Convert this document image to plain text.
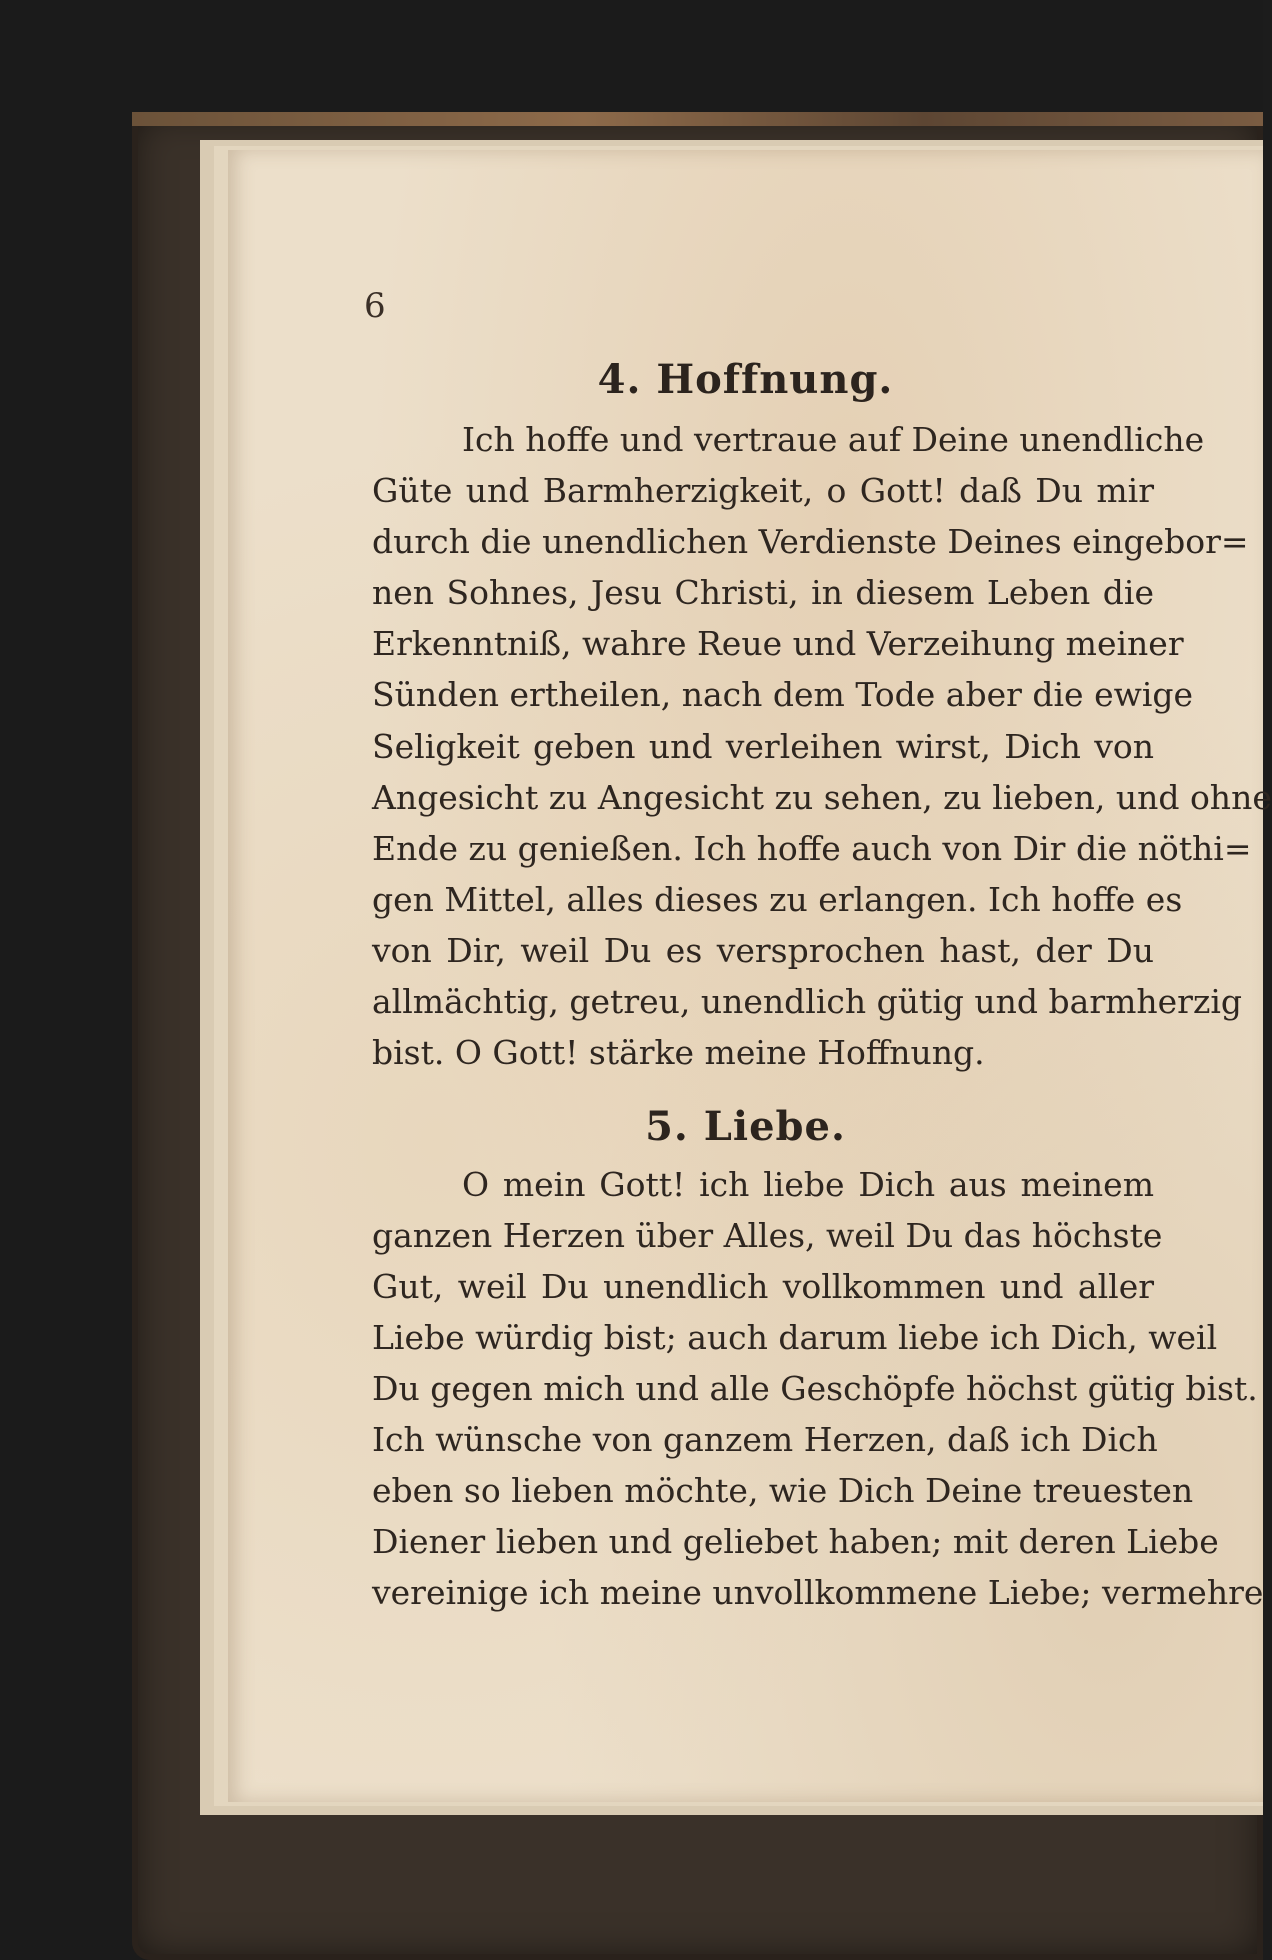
6
4. Hoffnung.
Ich hoffe und vertraue auf Deine unendliche
Güte und Barmherzigkeit, o Gott! daß Du mir
durch die unendlichen Verdienste Deines eingebor=
nen Sohnes, Jesu Christi, in diesem Leben die
Erkenntniß, wahre Reue und Verzeihung meiner
Sünden ertheilen, nach dem Tode aber die ewige
Seligkeit geben und verleihen wirst, Dich von
Angesicht zu Angesicht zu sehen, zu lieben, und ohne
Ende zu genießen. Ich hoffe auch von Dir die nöthi=
gen Mittel, alles dieses zu erlangen. Ich hoffe es
von Dir, weil Du es versprochen hast, der Du
allmächtig, getreu, unendlich gütig und barmherzig
bist. O Gott! stärke meine Hoffnung.
5. Liebe.
O mein Gott! ich liebe Dich aus meinem
ganzen Herzen über Alles, weil Du das höchste
Gut, weil Du unendlich vollkommen und aller
Liebe würdig bist; auch darum liebe ich Dich, weil
Du gegen mich und alle Geschöpfe höchst gütig bist.
Ich wünsche von ganzem Herzen, daß ich Dich
eben so lieben möchte, wie Dich Deine treuesten
Diener lieben und geliebet haben; mit deren Liebe
vereinige ich meine unvollkommene Liebe; vermehre
